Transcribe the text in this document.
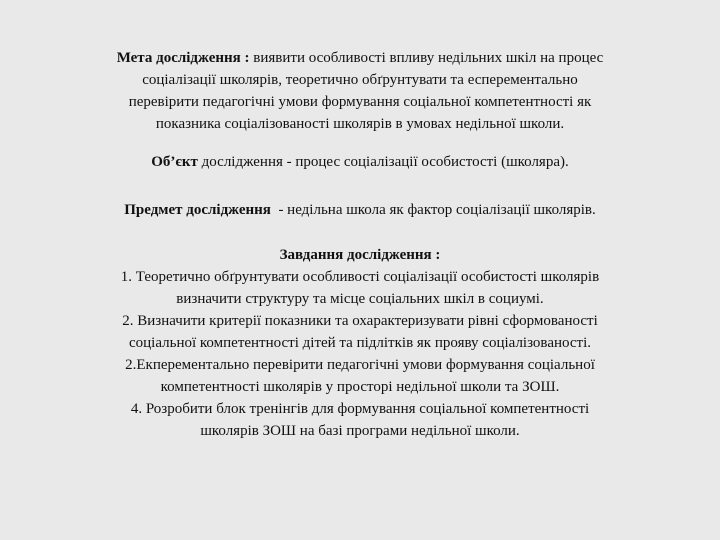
Мета дослідження : виявити особливості впливу недільних шкіл на процес

соціалізації школярів, теоретично обґрунтувати та есперементально

перевірити педагогічні умови формування соціальної компетентності як

показника соціалізованості школярів в умовах недільної школи.

Об’єкт дослідження - процес соціалізації особистості (школяра).

Предмет дослідження - недільна школа як фактор соціалізації школярів.

Завдання дослідження :

1. Теоретично обґрунтувати особливості соціалізації особистості школярів

визначити структуру та місце соціальних шкіл в социумі.

2. Визначити критерії показники та охарактеризувати рівні сформованості

соціальної компетентності дітей та підлітків як прояву соціалізованості.

2.Екперементально перевірити педагогічні умови формування соціальної

компетентності школярів у просторі недільної школи та ЗОШ.

4. Розробити блок тренінгів для формування соціальної компетентності

школярів ЗОШ на базі програми недільної школи.
